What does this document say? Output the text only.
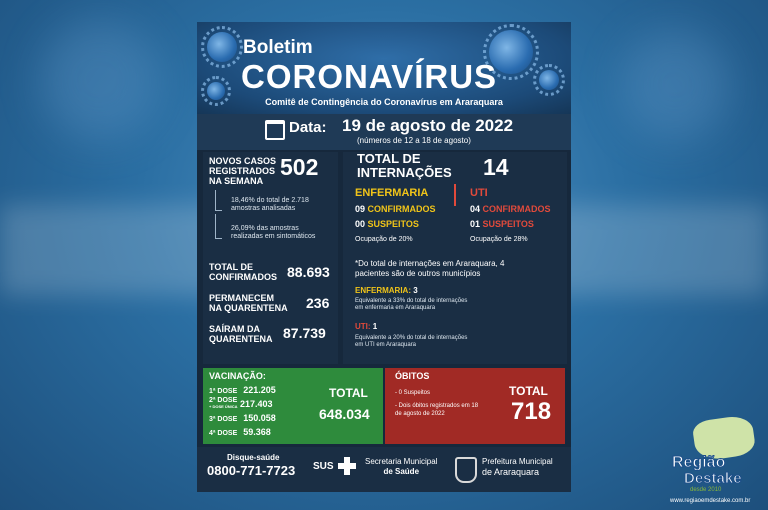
Boletim
CORONAVÍRUS
Comitê de Contingência do Coronavírus em Araraquara
Data: 19 de agosto de 2022
(números de 12 a 18 de agosto)
NOVOS CASOS
REGISTRADOS
NA SEMANA
502
18,46% do total de 2.718
amostras analisadas
26,09% das amostras
realizadas em sintomáticos
TOTAL DE
CONFIRMADOS 88.693
PERMANECEM
NA QUARENTENA 236
SAÍRAM DA
QUARENTENA 87.739
TOTAL DE
INTERNAÇÕES 14
ENFERMARIA	UTI
09 CONFIRMADOS
00 SUSPEITOS
Ocupação de 20%
04 CONFIRMADOS
01 SUSPEITOS
Ocupação de 28%
*Do total de internações em Araraquara, 4
pacientes são de outros municípios
ENFERMARIA: 3
Equivalente a 33% do total de internações
em enfermaria em Araraquara
UTI: 1
Equivalente a 20% do total de internações
em UTI em Araraquara
VACINAÇÃO:
1ª DOSE 221.205
2ª DOSE
+ DOSE ÚNICA 217.403
3ª DOSE 150.058
4ª DOSE 59.368
TOTAL
648.034
ÓBITOS
- 0 Suspeitos
- Dois óbitos registrados em 18
de agosto de 2022
TOTAL
718
Disque-saúde
0800-771-7723 SUS	Secretaria Municipal
de Saúde
Prefeitura Municipal
de Araraquara
Região
Destake
desde 2010
www.regiaoemdestake.com.br
